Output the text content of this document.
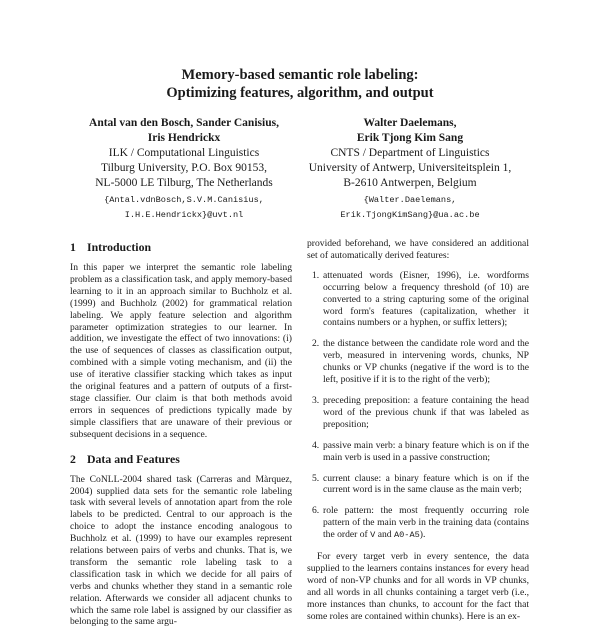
Memory-based semantic role labeling:
Optimizing features, algorithm, and output
Antal van den Bosch, Sander Canisius,
Iris Hendrickx
ILK / Computational Linguistics
Tilburg University, P.O. Box 90153,
NL-5000 LE Tilburg, The Netherlands
{Antal.vdnBosch,S.V.M.Canisius,
I.H.E.Hendrickx}@uvt.nl
Walter Daelemans,
Erik Tjong Kim Sang
CNTS / Department of Linguistics
University of Antwerp, Universiteitsplein 1,
B-2610 Antwerpen, Belgium
{Walter.Daelemans,
Erik.TjongKimSang}@ua.ac.be
1 Introduction

In this paper we interpret the semantic role labeling problem as a classification task, and apply memory-based learning to it in an approach similar to Buchholz et al. (1999) and Buchholz (2002) for grammatical relation labeling. We apply feature selection and algorithm parameter optimization strategies to our learner. In addition, we investigate the effect of two innovations: (i) the use of sequences of classes as classification output, combined with a simple voting mechanism, and (ii) the use of iterative classifier stacking which takes as input the original features and a pattern of outputs of a first-stage classifier. Our claim is that both methods avoid errors in sequences of predictions typically made by simple classifiers that are unaware of their previous or subsequent decisions in a sequence.

2 Data and Features

The CoNLL-2004 shared task (Carreras and Màrquez, 2004) supplied data sets for the semantic role labeling task with several levels of annotation apart from the role labels to be predicted. Central to our approach is the choice to adopt the instance encoding analogous to Buchholz et al. (1999) to have our examples represent relations between pairs of verbs and chunks. That is, we transform the semantic role labeling task to a classification task in which we decide for all pairs of verbs and chunks whether they stand in a semantic role relation. Afterwards we consider all adjacent chunks to which the same role label is assigned by our classifier as belonging to the same argu-

provided beforehand, we have considered an additional set of automatically derived features:

1. attenuated words (Eisner, 1996), i.e. wordforms occurring below a frequency threshold (of 10) are converted to a string capturing some of the original word form's features (capitalization, whether it contains numbers or a hyphen, or suffix letters);
2. the distance between the candidate role word and the verb, measured in intervening words, chunks, NP chunks or VP chunks (negative if the word is to the left, positive if it is to the right of the verb);
3. preceding preposition: a feature containing the head word of the previous chunk if that was labeled as preposition;
4. passive main verb: a binary feature which is on if the main verb is used in a passive construction;
5. current clause: a binary feature which is on if the current word is in the same clause as the main verb;
6. role pattern: the most frequently occurring role pattern of the main verb in the training data (contains the order of V and A0-A5).

For every target verb in every sentence, the data supplied to the learners contains instances for every head word of non-VP chunks and for all words in VP chunks, and all words in all chunks containing a target verb (i.e., more instances than chunks, to account for the fact that some roles are contained within chunks). Here is an ex-
